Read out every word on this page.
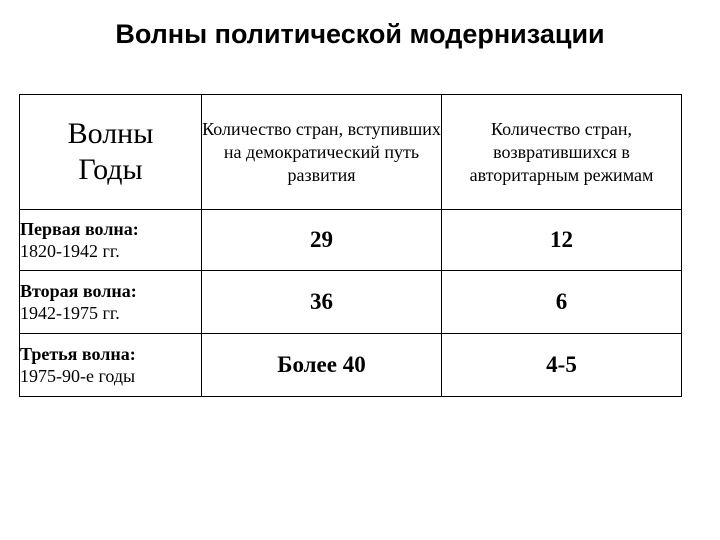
Волны политической модернизации
Волны
Годы	Количество стран, вступивших на демократический путь развития	Количество стран, возвратившихся в авторитарным режимам

Первая волна:
1820-1942 гг.	29	12

Вторая волна:
1942-1975 гг.	36	6

Третья волна:
1975-90-е годы	Более 40	4-5
